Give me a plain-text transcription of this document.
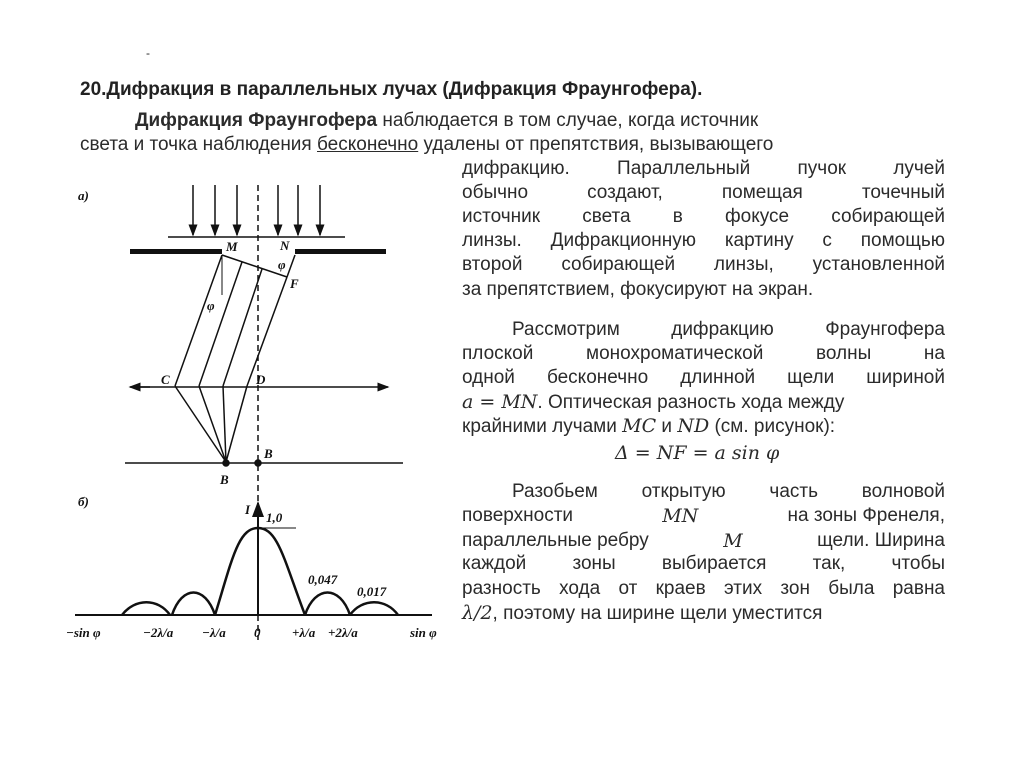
-
20.Дифракция в параллельных лучах (Дифракция Фраунгофера).
Дифракция Фраунгофера наблюдается в том случае, когда источник
света и точка наблюдения бесконечно удалены от препятствия, вызывающего
дифракцию. Параллельный пучок лучей
обычно создают, помещая точечный
источник света в фокусе собирающей
линзы. Дифракционную картину с помощью
второй собирающей линзы, установленной
за препятствием, фокусируют на экран.
Рассмотрим дифракцию Фраунгофера
плоской монохроматической волны на
одной бесконечно длинной щели шириной
a = MN. Оптическая разность хода между
крайними лучами MC и ND (см. рисунок):
Δ = NF = a sin φ
Разобьем открытую часть волновой
поверхности	MN	на зоны Френеля,
параллельные ребру	M	щели. Ширина
каждой зоны выбирается так, чтобы
разность хода от краев этих зон была равна
λ/2, поэтому на ширине щели уместится
а)
M	N
F
C	D
B
B
φ
φ
б)
I
1,0
0,047
0,017
−sin φ	−2λ/a −λ/a 0 +λ/a +2λ/a	sin φ
